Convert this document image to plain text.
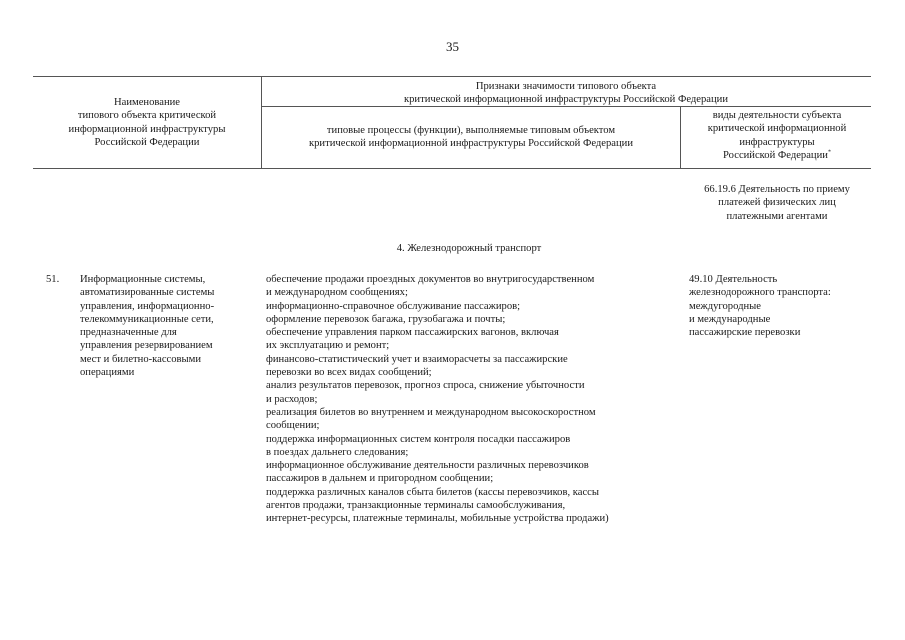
35
Наименование
типового объекта критической
информационной инфраструктуры
Российской Федерации
Признаки значимости типового объекта
критической информационной инфраструктуры Российской Федерации
типовые процессы (функции), выполняемые типовым объектом
критической информационной инфраструктуры Российской Федерации
виды деятельности субъекта
критической информационной
инфраструктуры
Российской Федерации*
66.19.6 Деятельность по приему
платежей физических лиц
платежными агентами
4. Железнодорожный транспорт
51.	Информационные системы,
автоматизированные системы
управления, информационно-
телекоммуникационные сети,
предназначенные для
управления резервированием
мест и билетно-кассовыми
операциями
обеспечение продажи проездных документов во внутригосударственном
и международном сообщениях;
информационно-справочное обслуживание пассажиров;
оформление перевозок багажа, грузобагажа и почты;
обеспечение управления парком пассажирских вагонов, включая
их эксплуатацию и ремонт;
финансово-статистический учет и взаиморасчеты за пассажирские
перевозки во всех видах сообщений;
анализ результатов перевозок, прогноз спроса, снижение убыточности
и расходов;
реализация билетов во внутреннем и международном высокоскоростном
сообщении;
поддержка информационных систем контроля посадки пассажиров
в поездах дальнего следования;
информационное обслуживание деятельности различных перевозчиков
пассажиров в дальнем и пригородном сообщении;
поддержка различных каналов сбыта билетов (кассы перевозчиков, кассы
агентов продажи, транзакционные терминалы самообслуживания,
интернет-ресурсы, платежные терминалы, мобильные устройства продажи)
49.10 Деятельность
железнодорожного транспорта:
междугородные
и международные
пассажирские перевозки
